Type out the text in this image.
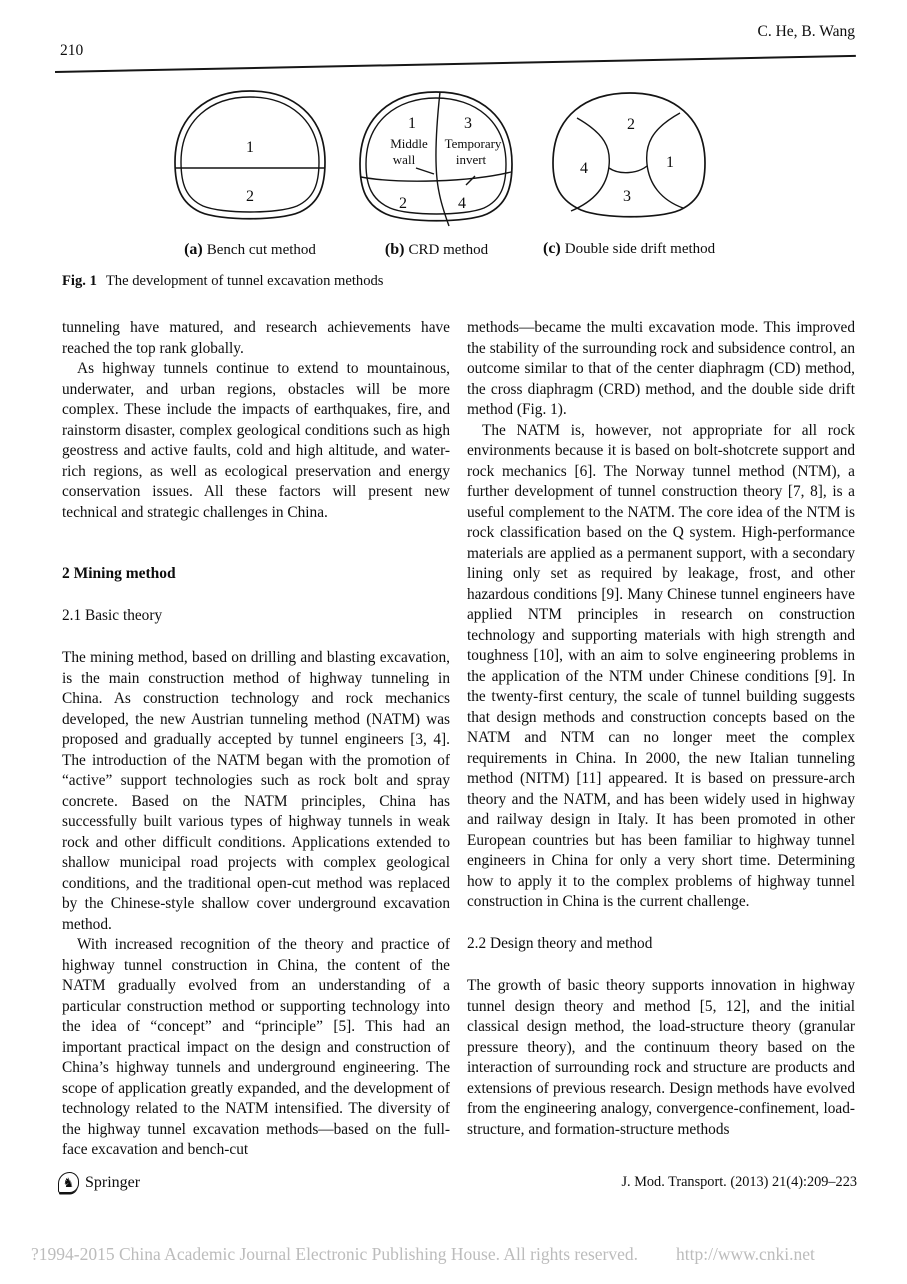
C. He, B. Wang
210
1
2
(a) Bench cut method
1	3
Middle
wall
Temporary
invert
2	4
(b) CRD method
2
4	1
3
(c) Double side drift method
Fig. 1 The development of tunnel excavation methods

tunneling have matured, and research achievements have reached the top rank globally.

As highway tunnels continue to extend to mountainous, underwater, and urban regions, obstacles will be more complex. These include the impacts of earthquakes, fire, and rainstorm disaster, complex geological conditions such as high geostress and active faults, cold and high altitude, and water-rich regions, as well as ecological preservation and energy conservation issues. All these factors will present new technical and strategic challenges in China.

2 Mining method
2.1 Basic theory

The mining method, based on drilling and blasting excavation, is the main construction method of highway tunneling in China. As construction technology and rock mechanics developed, the new Austrian tunneling method (NATM) was proposed and gradually accepted by tunnel engineers [3, 4]. The introduction of the NATM began with the promotion of “active” support technologies such as rock bolt and spray concrete. Based on the NATM principles, China has successfully built various types of highway tunnels in weak rock and other difficult conditions. Applications extended to shallow municipal road projects with complex geological conditions, and the traditional open-cut method was replaced by the Chinese-style shallow cover underground excavation method.

With increased recognition of the theory and practice of highway tunnel construction in China, the content of the NATM gradually evolved from an understanding of a particular construction method or supporting technology into the idea of “concept” and “principle” [5]. This had an important practical impact on the design and construction of China’s highway tunnels and underground engineering. The scope of application greatly expanded, and the development of technology related to the NATM intensified. The diversity of the highway tunnel excavation methods—based on the full-face excavation and bench-cut

methods—became the multi excavation mode. This improved the stability of the surrounding rock and subsidence control, an outcome similar to that of the center diaphragm (CD) method, the cross diaphragm (CRD) method, and the double side drift method (Fig. 1).

The NATM is, however, not appropriate for all rock environments because it is based on bolt-shotcrete support and rock mechanics [6]. The Norway tunnel method (NTM), a further development of tunnel construction theory [7, 8], is a useful complement to the NATM. The core idea of the NTM is rock classification based on the Q system. High-performance materials are applied as a permanent support, with a secondary lining only set as required by leakage, frost, and other hazardous conditions [9]. Many Chinese tunnel engineers have applied NTM principles in research on construction technology and supporting materials with high strength and toughness [10], with an aim to solve engineering problems in the application of the NTM under Chinese conditions [9]. In the twenty-first century, the scale of tunnel building suggests that design methods and construction concepts based on the NATM and NTM can no longer meet the complex requirements in China. In 2000, the new Italian tunneling method (NITM) [11] appeared. It is based on pressure-arch theory and the NATM, and has been widely used in highway and railway design in Italy. It has been promoted in other European countries but has been familiar to highway tunnel engineers in China for only a very short time. Determining how to apply it to the complex problems of highway tunnel construction in China is the current challenge.

2.2 Design theory and method

The growth of basic theory supports innovation in highway tunnel design theory and method [5, 12], and the initial classical design method, the load-structure theory (granular pressure theory), and the continuum theory based on the interaction of surrounding rock and structure are products and extensions of previous research. Design methods have evolved from the engineering analogy, convergence-confinement, load-structure, and formation-structure methods

♞ Springer	J. Mod. Transport. (2013) 21(4):209–223
?1994-2015 China Academic Journal Electronic Publishing House. All rights reserved. http://www.cnki.net
